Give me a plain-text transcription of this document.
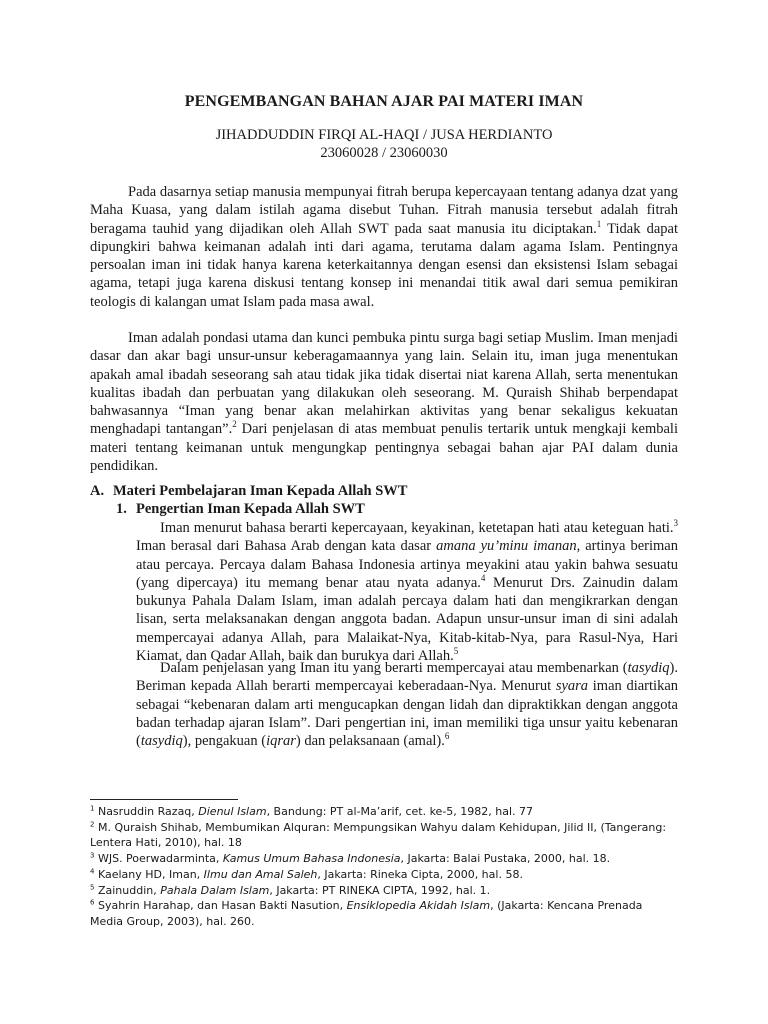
PENGEMBANGAN BAHAN AJAR PAI MATERI IMAN
JIHADDUDDIN FIRQI AL-HAQI / JUSA HERDIANTO
23060028 / 23060030

Pada dasarnya setiap manusia mempunyai fitrah berupa kepercayaan tentang adanya dzat yang Maha Kuasa, yang dalam istilah agama disebut Tuhan. Fitrah manusia tersebut adalah fitrah beragama tauhid yang dijadikan oleh Allah SWT pada saat manusia itu diciptakan.$^1$ Tidak dapat dipungkiri bahwa keimanan adalah inti dari agama, terutama dalam agama Islam. Pentingnya persoalan iman ini tidak hanya karena keterkaitannya dengan esensi dan eksistensi Islam sebagai agama, tetapi juga karena diskusi tentang konsep ini menandai titik awal dari semua pemikiran teologis di kalangan umat Islam pada masa awal.

Iman adalah pondasi utama dan kunci pembuka pintu surga bagi setiap Muslim. Iman menjadi dasar dan akar bagi unsur-unsur keberagamaannya yang lain. Selain itu, iman juga menentukan apakah amal ibadah seseorang sah atau tidak jika tidak disertai niat karena Allah, serta menentukan kualitas ibadah dan perbuatan yang dilakukan oleh seseorang. M. Quraish Shihab berpendapat bahwasannya “Iman yang benar akan melahirkan aktivitas yang benar sekaligus kekuatan menghadapi tantangan”.$^2$ Dari penjelasan di atas membuat penulis tertarik untuk mengkaji kembali materi tentang keimanan untuk mengungkap pentingnya sebagai bahan ajar PAI dalam dunia pendidikan.

A. Materi Pembelajaran Iman Kepada Allah SWT
1. Pengertian Iman Kepada Allah SWT

Iman menurut bahasa berarti kepercayaan, keyakinan, ketetapan hati atau keteguan hati.$^3$ Iman berasal dari Bahasa Arab dengan kata dasar amana yu’minu imanan, artinya beriman atau percaya. Percaya dalam Bahasa Indonesia artinya meyakini atau yakin bahwa sesuatu (yang dipercaya) itu memang benar atau nyata adanya.$^4$ Menurut Drs. Zainudin dalam bukunya Pahala Dalam Islam, iman adalah percaya dalam hati dan mengikrarkan dengan lisan, serta melaksanakan dengan anggota badan. Adapun unsur-unsur iman di sini adalah mempercayai adanya Allah, para Malaikat-Nya, Kitab-kitab-Nya, para Rasul-Nya, Hari Kiamat, dan Qadar Allah, baik dan burukya dari Allah.$^5$

Dalam penjelasan yang Iman itu yang berarti mempercayai atau membenarkan (tasydiq). Beriman kepada Allah berarti mempercayai keberadaan-Nya. Menurut syara iman diartikan sebagai “kebenaran dalam arti mengucapkan dengan lidah dan dipraktikkan dengan anggota badan terhadap ajaran Islam”. Dari pengertian ini, iman memiliki tiga unsur yaitu kebenaran (tasydiq), pengakuan (iqrar) dan pelaksanaan (amal).$^6$

$^1$ Nasruddin Razaq, Dienul Islam, Bandung: PT al-Ma’arif, cet. ke-5, 1982, hal. 77

$^2$ M. Quraish Shihab, Membumikan Alquran: Mempungsikan Wahyu dalam Kehidupan, Jilid II, (Tangerang: Lentera Hati, 2010), hal. 18

$^3$ WJS. Poerwadarminta, Kamus Umum Bahasa Indonesia, Jakarta: Balai Pustaka, 2000, hal. 18.

$^4$ Kaelany HD, Iman, Ilmu dan Amal Saleh, Jakarta: Rineka Cipta, 2000, hal. 58.

$^5$ Zainuddin, Pahala Dalam Islam, Jakarta: PT RINEKA CIPTA, 1992, hal. 1.

$^6$ Syahrin Harahap, dan Hasan Bakti Nasution, Ensiklopedia Akidah Islam, (Jakarta: Kencana Prenada Media Group, 2003), hal. 260.
